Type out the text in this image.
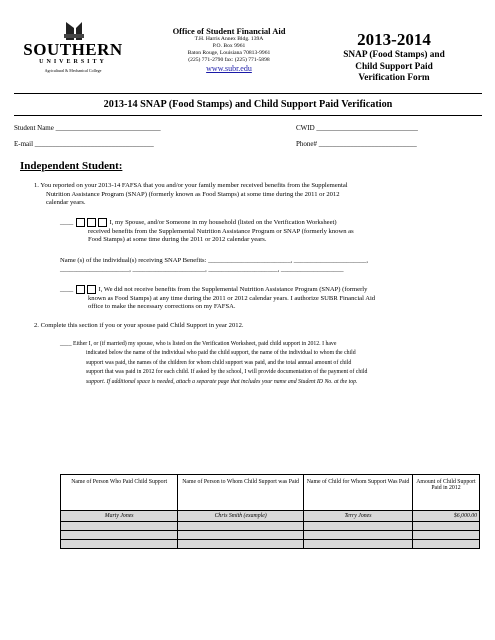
SOUTHERN
UNIVERSITY
Agricultural & Mechanical College
Office of Student Financial Aid
T.H. Harris Annex Bldg. 139A
P.O. Box 9961
Baton Rouge, Louisiana 70813-9961
(225) 771-2790 fax: (225) 771-5898
www.subr.edu
2013-2014
SNAP (Food Stamps) and
Child Support Paid
Verification Form
2013-14 SNAP (Food Stamps) and Child Support Paid Verification
Student Name ______________________________	CWID _____________________________
E-mail __________________________________	Phone# ____________________________
Independent Student:
1. You reported on your 2013-14 FAFSA that you and/or your family member received benefits from the Supplemental
Nutrition Assistance Program (SNAP) (formerly known as Food Stamps) at some time during the 2011 or 2012
calendar years.
____	I, my Spouse, and/or Someone in my household (listed on the Verification Worksheet)
received benefits from the Supplemental Nutrition Assistance Program or SNAP (formerly known as
Food Stamps) at some time during the 2011 or 2012 calendar years.
Name (s) of the individual(s) receiving SNAP Benefits: _________________________, ______________________,
_____________________, ______________________, _____________________, ___________________
____	I, We did not receive benefits from the Supplemental Nutrition Assistance Program (SNAP) (formerly
known as Food Stamps) at any time during the 2011 or 2012 calendar years. I authorize SUBR Financial Aid
office to make the necessary corrections on my FAFSA.
2. Complete this section if you or your spouse paid Child Support in year 2012.
____ Either I, or (if married) my spouse, who is listed on the Verification Worksheet, paid child support in 2012. I have
indicated below the name of the individual who paid the child support, the name of the individual to whom the child
support was paid, the names of the children for whom child support was paid, and the total annual amount of child
support that was paid in 2012 for each child. If asked by the school, I will provide documentation of the payment of child
support. If additional space is needed, attach a separate page that includes your name and Student ID No. at the top.
Name of Person Who Paid Child Support	Name of Person to Whom Child Support was Paid	Name of Child for Whom Support Was Paid	Amount of Child Support Paid in 2012
Marty Jones	Chris Smith (example)	Terry Jones	$6,000.00
